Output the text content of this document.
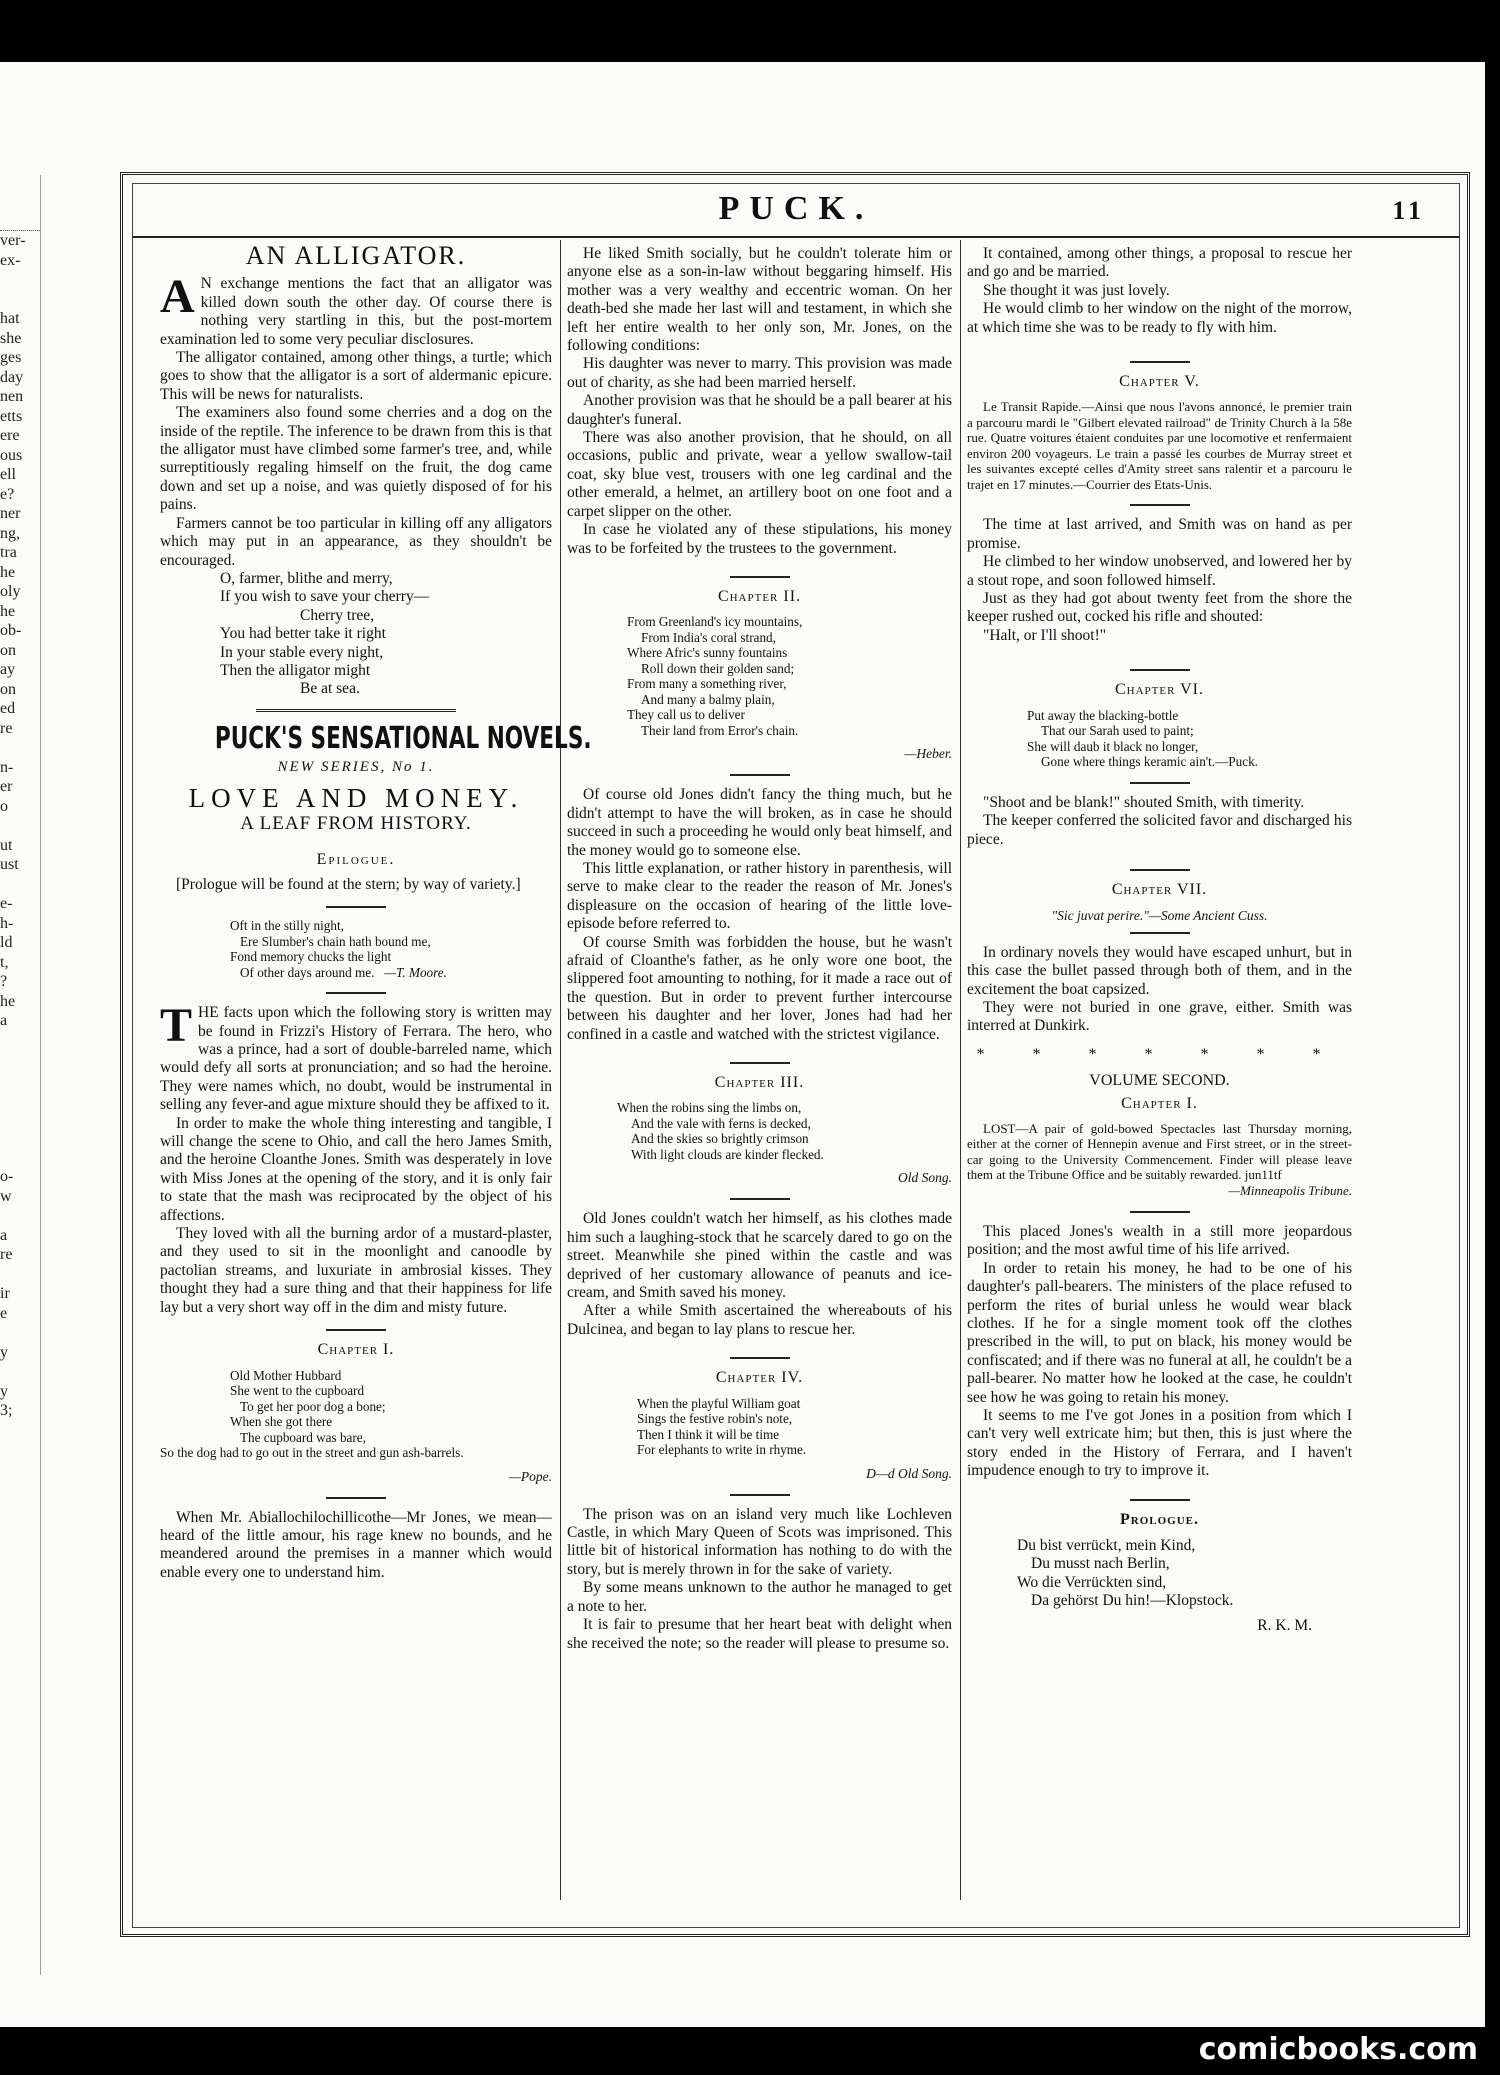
ver-
ex-

hat
she
ges
day
nen
etts
ere
ous
ell
e?
ner
ng,
tra
he
oly
he
ob-
on
ay
on
ed
re

n-
er
o

ut
ust

e-
h-
ld
t,
?
he
a

o-
w

a
re

ir
e

y

y
3;
PUCK.	11
AN ALLIGATOR.

A N exchange mentions the fact that an alligator was killed down south the other day. Of course there is nothing very startling in this, but the post-mortem examination led to some very peculiar disclosures.

The alligator contained, among other things, a turtle; which goes to show that the alligator is a sort of aldermanic epicure. This will be news for naturalists.

The examiners also found some cherries and a dog on the inside of the reptile. The inference to be drawn from this is that the alligator must have climbed some farmer's tree, and, while surreptitiously regaling himself on the fruit, the dog came down and set up a noise, and was quietly disposed of for his pains.

Farmers cannot be too particular in killing off any alligators which may put in an appearance, as they shouldn't be encouraged.

O, farmer, blithe and merry,
If you wish to save your cherry—
Cherry tree,
You had better take it right
In your stable every night,
Then the alligator might
Be at sea.
PUCK'S SENSATIONAL NOVELS.
NEW SERIES, No 1.
LOVE AND MONEY.
A LEAF FROM HISTORY.
Epilogue.

[Prologue will be found at the stern; by way of variety.]

Oft in the stilly night,
Ere Slumber's chain hath bound me,
Fond memory chucks the light
Of other days around me. —T. Moore.

THE facts upon which the following story is written may be found in Frizzi's History of Ferrara. The hero, who was a prince, had a sort of double-barreled name, which would defy all sorts at pronunciation; and so had the heroine. They were names which, no doubt, would be instrumental in selling any fever-and ague mixture should they be affixed to it.

In order to make the whole thing interesting and tangible, I will change the scene to Ohio, and call the hero James Smith, and the heroine Cloanthe Jones. Smith was desperately in love with Miss Jones at the opening of the story, and it is only fair to state that the mash was reciprocated by the object of his affections.

They loved with all the burning ardor of a mustard-plaster, and they used to sit in the moonlight and canoodle by pactolian streams, and luxuriate in ambrosial kisses. They thought they had a sure thing and that their happiness for life lay but a very short way off in the dim and misty future.

Chapter I.
Old Mother Hubbard
She went to the cupboard
To get her poor dog a bone;
When she got there
The cupboard was bare,
So the dog had to go out in the street and gun ash-barrels.
—Pope.

When Mr. Abiallochilochillicothe—Mr Jones, we mean—heard of the little amour, his rage knew no bounds, and he meandered around the premises in a manner which would enable every one to understand him.

He liked Smith socially, but he couldn't tolerate him or anyone else as a son-in-law without beggaring himself. His mother was a very wealthy and eccentric woman. On her death-bed she made her last will and testament, in which she left her entire wealth to her only son, Mr. Jones, on the following conditions:

His daughter was never to marry. This provision was made out of charity, as she had been married herself.

Another provision was that he should be a pall bearer at his daughter's funeral.

There was also another provision, that he should, on all occasions, public and private, wear a yellow swallow-tail coat, sky blue vest, trousers with one leg cardinal and the other emerald, a helmet, an artillery boot on one foot and a carpet slipper on the other.

In case he violated any of these stipulations, his money was to be forfeited by the trustees to the government.

Chapter II.
From Greenland's icy mountains,
From India's coral strand,
Where Afric's sunny fountains
Roll down their golden sand;
From many a something river,
And many a balmy plain,
They call us to deliver
Their land from Error's chain.
—Heber.

Of course old Jones didn't fancy the thing much, but he didn't attempt to have the will broken, as in case he should succeed in such a proceeding he would only beat himself, and the money would go to someone else.

This little explanation, or rather history in parenthesis, will serve to make clear to the reader the reason of Mr. Jones's displeasure on the occasion of hearing of the little love-episode before referred to.

Of course Smith was forbidden the house, but he wasn't afraid of Cloanthe's father, as he only wore one boot, the slippered foot amounting to nothing, for it made a race out of the question. But in order to prevent further intercourse between his daughter and her lover, Jones had had her confined in a castle and watched with the strictest vigilance.

Chapter III.
When the robins sing the limbs on,
And the vale with ferns is decked,
And the skies so brightly crimson
With light clouds are kinder flecked.
Old Song.

Old Jones couldn't watch her himself, as his clothes made him such a laughing-stock that he scarcely dared to go on the street. Meanwhile she pined within the castle and was deprived of her customary allowance of peanuts and ice-cream, and Smith saved his money.

After a while Smith ascertained the whereabouts of his Dulcinea, and began to lay plans to rescue her.

Chapter IV.
When the playful William goat
Sings the festive robin's note,
Then I think it will be time
For elephants to write in rhyme.
D—d Old Song.

The prison was on an island very much like Lochleven Castle, in which Mary Queen of Scots was imprisoned. This little bit of historical information has nothing to do with the story, but is merely thrown in for the sake of variety.

By some means unknown to the author he managed to get a note to her.

It is fair to presume that her heart beat with delight when she received the note; so the reader will please to presume so.

It contained, among other things, a proposal to rescue her and go and be married.

She thought it was just lovely.

He would climb to her window on the night of the morrow, at which time she was to be ready to fly with him.

Chapter V.

Le Transit Rapide.—Ainsi que nous l'avons annoncé, le premier train a parcouru mardi le "Gilbert elevated railroad" de Trinity Church à la 58e rue. Quatre voitures étaient conduites par une locomotive et renfermaient environ 200 voyageurs. Le train a passé les courbes de Murray street et les suivantes excepté celles d'Amity street sans ralentir et a parcouru le trajet en 17 minutes.—Courrier des Etats-Unis.

The time at last arrived, and Smith was on hand as per promise.

He climbed to her window unobserved, and lowered her by a stout rope, and soon followed himself.

Just as they had got about twenty feet from the shore the keeper rushed out, cocked his rifle and shouted:

"Halt, or I'll shoot!"

Chapter VI.
Put away the blacking-bottle
That our Sarah used to paint;
She will daub it black no longer,
Gone where things keramic ain't.—Puck.

"Shoot and be blank!" shouted Smith, with timerity.

The keeper conferred the solicited favor and discharged his piece.

Chapter VII.
"Sic juvat perire."—Some Ancient Cuss.

In ordinary novels they would have escaped unhurt, but in this case the bullet passed through both of them, and in the excitement the boat capsized.

They were not buried in one grave, either. Smith was interred at Dunkirk.

* * * * * * *
VOLUME SECOND.
Chapter I.

LOST—A pair of gold-bowed Spectacles last Thursday morning, either at the corner of Hennepin avenue and First street, or in the street-car going to the University Commencement. Finder will please leave them at the Tribune Office and be suitably rewarded. jun11tf

—Minneapolis Tribune.

This placed Jones's wealth in a still more jeopardous position; and the most awful time of his life arrived.

In order to retain his money, he had to be one of his daughter's pall-bearers. The ministers of the place refused to perform the rites of burial unless he would wear black clothes. If he for a single moment took off the clothes prescribed in the will, to put on black, his money would be confiscated; and if there was no funeral at all, he couldn't be a pall-bearer. No matter how he looked at the case, he couldn't see how he was going to retain his money.

It seems to me I've got Jones in a position from which I can't very well extricate him; but then, this is just where the story ended in the History of Ferrara, and I haven't impudence enough to try to improve it.

Prologue.
Du bist verrückt, mein Kind,
Du musst nach Berlin,
Wo die Verrückten sind,
Da gehörst Du hin!—Klopstock.
R. K. M.
comicbooks.com
